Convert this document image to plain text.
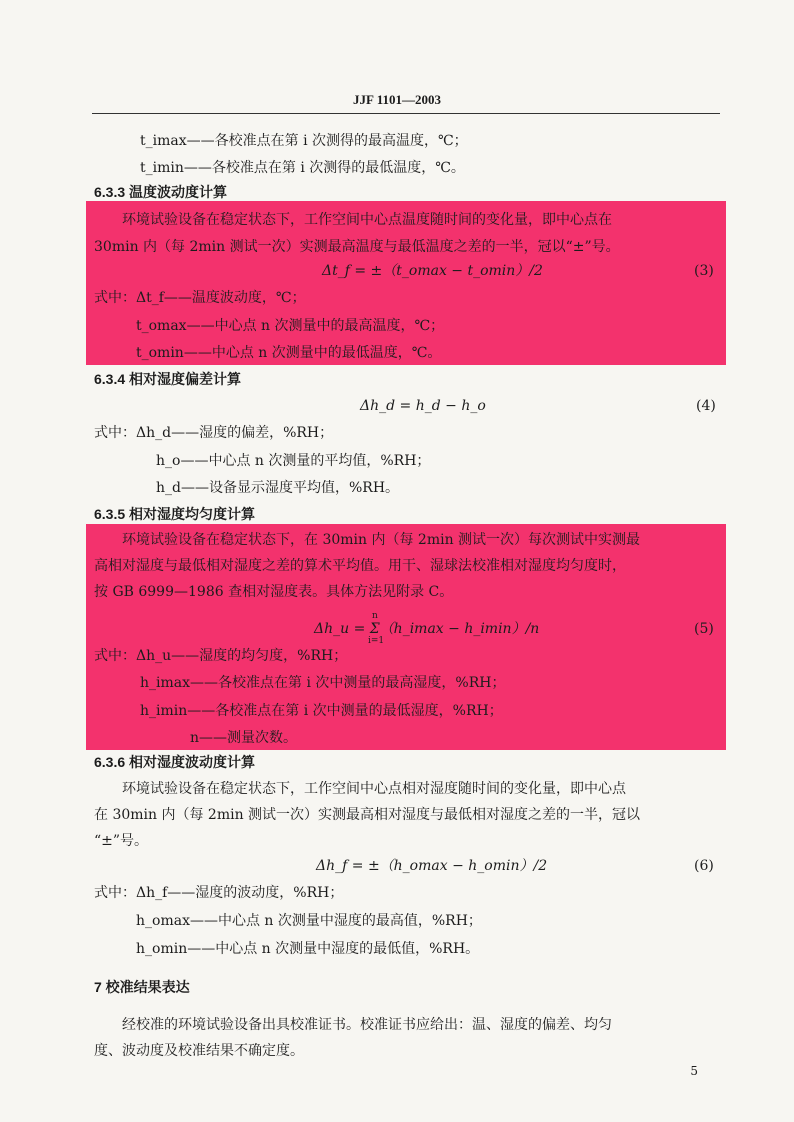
JJF 1101—2003
t_imax——各校准点在第 i 次测得的最高温度，℃；
t_imin——各校准点在第 i 次测得的最低温度，℃。
6.3.3 温度波动度计算
环境试验设备在稳定状态下，工作空间中心点温度随时间的变化量，即中心点在
30min 内（每 2min 测试一次）实测最高温度与最低温度之差的一半，冠以“±”号。
Δt_f = ±（t_omax − t_omin）/2	(3)
式中：Δt_f——温度波动度，℃；
t_omax——中心点 n 次测量中的最高温度，℃；
t_omin——中心点 n 次测量中的最低温度，℃。
6.3.4 相对湿度偏差计算
Δh_d = h_d − h_o	(4)
式中：Δh_d——湿度的偏差，%RH；
h_o——中心点 n 次测量的平均值，%RH；
h_d——设备显示湿度平均值，%RH。
6.3.5 相对湿度均匀度计算
环境试验设备在稳定状态下，在 30min 内（每 2min 测试一次）每次测试中实测最
高相对湿度与最低相对湿度之差的算术平均值。用干、湿球法校准相对湿度均匀度时，
按 GB 6999—1986 查相对湿度表。具体方法见附录 C。
n
Δh_u = Σ（h_imax − h_imin）/n
i=1
(5)
式中：Δh_u——湿度的均匀度，%RH；
h_imax——各校准点在第 i 次中测量的最高湿度，%RH；
h_imin——各校准点在第 i 次中测量的最低湿度，%RH；
n——测量次数。
6.3.6 相对湿度波动度计算
环境试验设备在稳定状态下，工作空间中心点相对湿度随时间的变化量，即中心点
在 30min 内（每 2min 测试一次）实测最高相对湿度与最低相对湿度之差的一半，冠以
“±”号。
Δh_f = ±（h_omax − h_omin）/2	(6)
式中：Δh_f——湿度的波动度，%RH；
h_omax——中心点 n 次测量中湿度的最高值，%RH；
h_omin——中心点 n 次测量中湿度的最低值，%RH。
7 校准结果表达
经校准的环境试验设备出具校准证书。校准证书应给出：温、湿度的偏差、均匀
度、波动度及校准结果不确定度。
5
